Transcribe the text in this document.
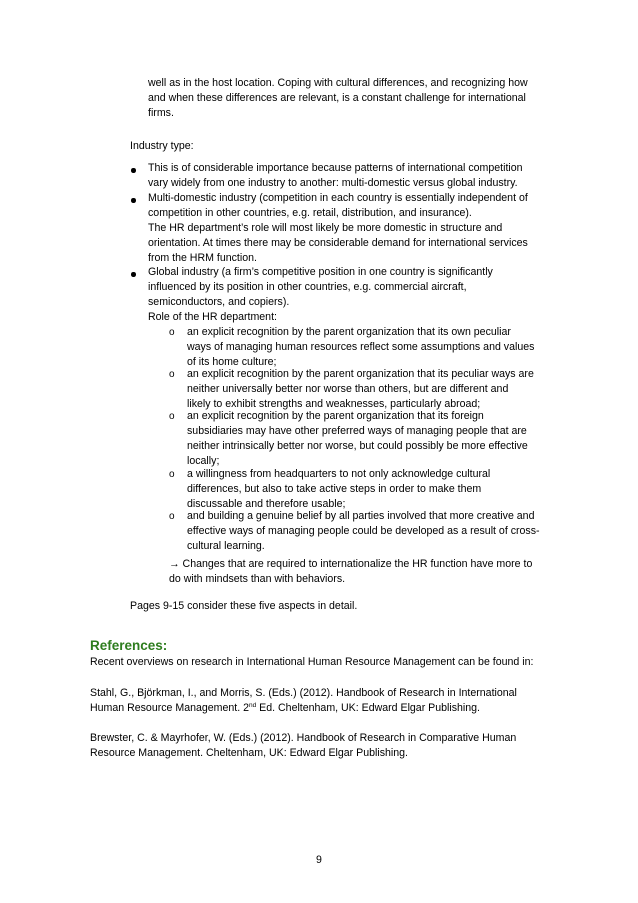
well as in the host location. Coping with cultural differences, and recognizing how
and when these differences are relevant, is a constant challenge for international
firms.
Industry type:
This is of considerable importance because patterns of international competition
vary widely from one industry to another: multi-domestic versus global industry.
Multi-domestic industry (competition in each country is essentially independent of
competition in other countries, e.g. retail, distribution, and insurance).
The HR department’s role will most likely be more domestic in structure and
orientation. At times there may be considerable demand for international services
from the HRM function.
Global industry (a firm’s competitive position in one country is significantly
influenced by its position in other countries, e.g. commercial aircraft,
semiconductors, and copiers).
Role of the HR department:
o an explicit recognition by the parent organization that its own peculiar
ways of managing human resources reflect some assumptions and values
of its home culture;
o an explicit recognition by the parent organization that its peculiar ways are
neither universally better nor worse than others, but are different and
likely to exhibit strengths and weaknesses, particularly abroad;
o an explicit recognition by the parent organization that its foreign
subsidiaries may have other preferred ways of managing people that are
neither intrinsically better nor worse, but could possibly be more effective
locally;
o a willingness from headquarters to not only acknowledge cultural
differences, but also to take active steps in order to make them
discussable and therefore usable;
o and building a genuine belief by all parties involved that more creative and
effective ways of managing people could be developed as a result of cross-
cultural learning.
→ Changes that are required to internationalize the HR function have more to
do with mindsets than with behaviors.
Pages 9-15 consider these five aspects in detail.
References:
Recent overviews on research in International Human Resource Management can be found in:
Stahl, G., Björkman, I., and Morris, S. (Eds.) (2012). Handbook of Research in International
Human Resource Management. 2nd Ed. Cheltenham, UK: Edward Elgar Publishing.
Brewster, C. & Mayrhofer, W. (Eds.) (2012). Handbook of Research in Comparative Human
Resource Management. Cheltenham, UK: Edward Elgar Publishing.
9
